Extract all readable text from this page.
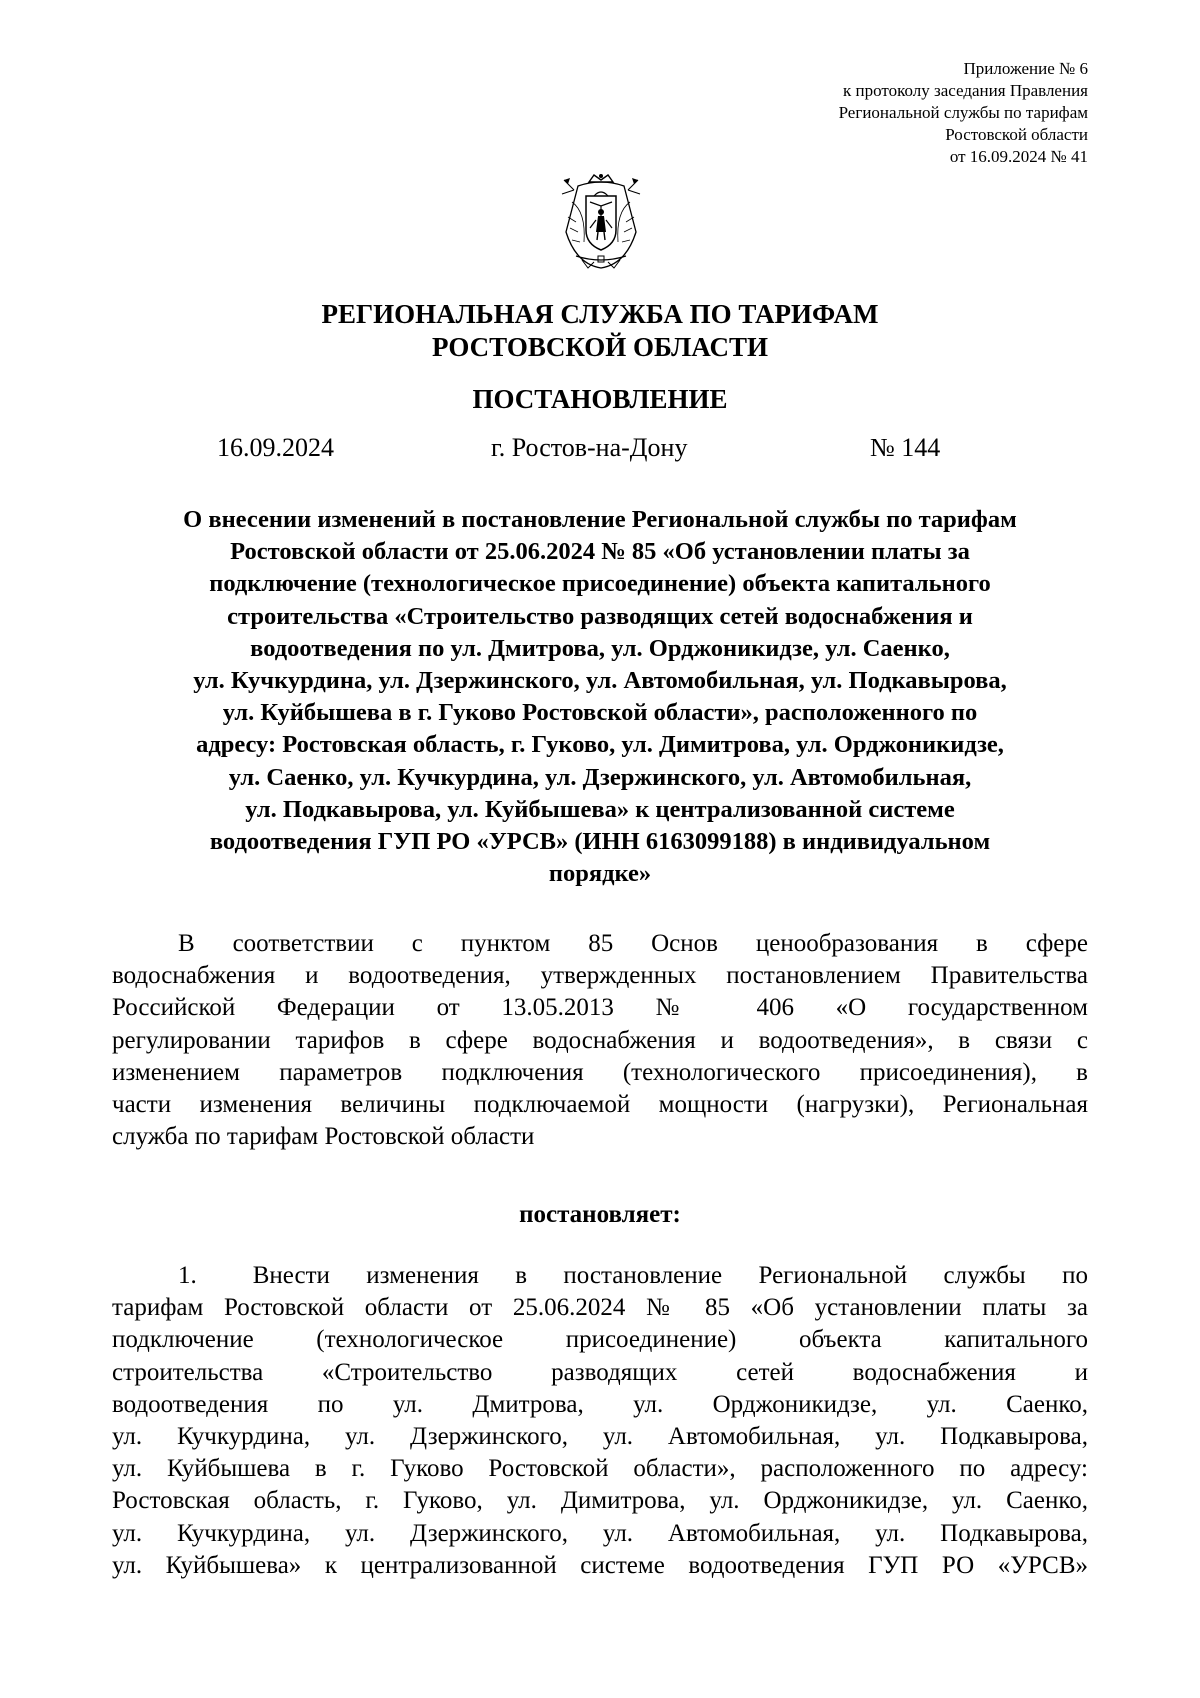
Приложение № 6
к протоколу заседания Правления
Региональной службы по тарифам
Ростовской области
от 16.09.2024 № 41
РЕГИОНАЛЬНАЯ СЛУЖБА ПО ТАРИФАМ
РОСТОВСКОЙ ОБЛАСТИ
ПОСТАНОВЛЕНИЕ
16.09.2024	г. Ростов-на-Дону	№ 144
О внесении изменений в постановление Региональной службы по тарифам
Ростовской области от 25.06.2024 № 85 «Об установлении платы за
подключение (технологическое присоединение) объекта капитального
строительства «Строительство разводящих сетей водоснабжения и
водоотведения по ул. Дмитрова, ул. Орджоникидзе, ул. Саенко,
ул. Кучкурдина, ул. Дзержинского, ул. Автомобильная, ул. Подкавырова,
ул. Куйбышева в г. Гуково Ростовской области», расположенного по
адресу: Ростовская область, г. Гуково, ул. Димитрова, ул. Орджоникидзе,
ул. Саенко, ул. Кучкурдина, ул. Дзержинского, ул. Автомобильная,
ул. Подкавырова, ул. Куйбышева» к централизованной системе
водоотведения ГУП РО «УРСВ» (ИНН 6163099188) в индивидуальном
порядке»
В соответствии с пунктом 85 Основ ценообразования в сфере
водоснабжения и водоотведения, утвержденных постановлением Правительства
Российской Федерации от 13.05.2013 № 406 «О государственном
регулировании тарифов в сфере водоснабжения и водоотведения», в связи с
изменением параметров подключения (технологического присоединения), в
части изменения величины подключаемой мощности (нагрузки), Региональная
служба по тарифам Ростовской области
постановляет:
1. Внести изменения в постановление Региональной службы по
тарифам Ростовской области от 25.06.2024 № 85 «Об установлении платы за
подключение (технологическое присоединение) объекта капитального
строительства «Строительство разводящих сетей водоснабжения и
водоотведения по ул. Дмитрова, ул. Орджоникидзе, ул. Саенко,
ул. Кучкурдина, ул. Дзержинского, ул. Автомобильная, ул. Подкавырова,
ул. Куйбышева в г. Гуково Ростовской области», расположенного по адресу:
Ростовская область, г. Гуково, ул. Димитрова, ул. Орджоникидзе, ул. Саенко,
ул. Кучкурдина, ул. Дзержинского, ул. Автомобильная, ул. Подкавырова,
ул. Куйбышева» к централизованной системе водоотведения ГУП РО «УРСВ»
